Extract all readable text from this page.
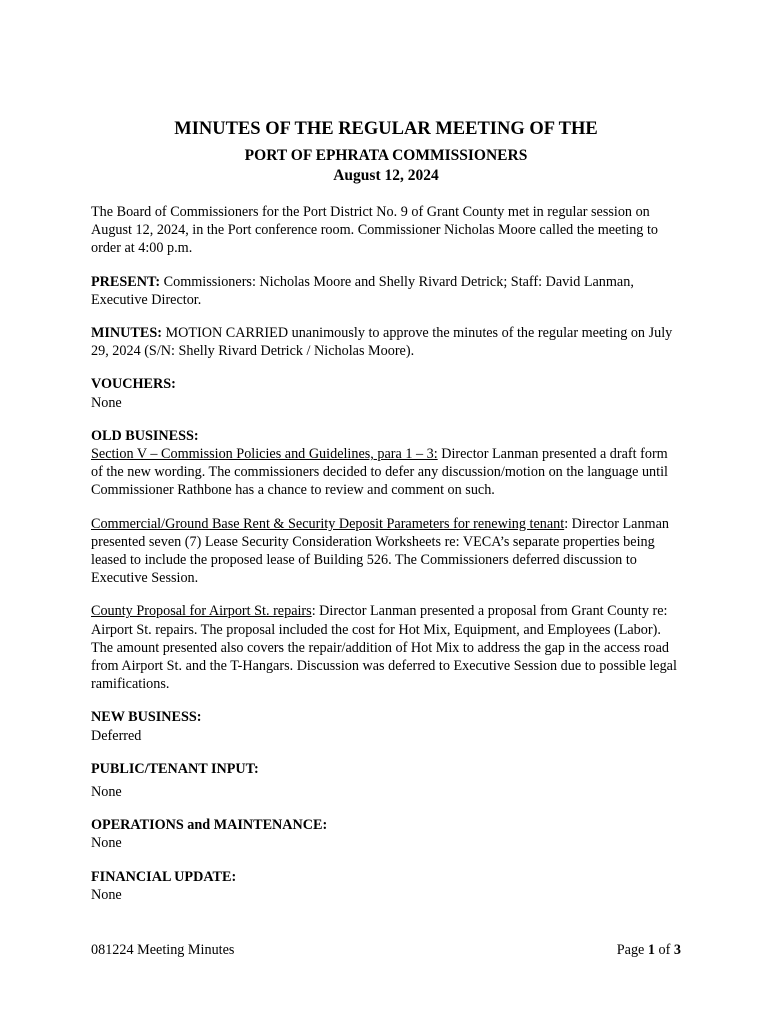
MINUTES OF THE REGULAR MEETING OF THE
PORT OF EPHRATA COMMISSIONERS
August 12, 2024

The Board of Commissioners for the Port District No. 9 of Grant County met in regular session on August 12, 2024, in the Port conference room. Commissioner Nicholas Moore called the meeting to order at 4:00 p.m.

PRESENT: Commissioners: Nicholas Moore and Shelly Rivard Detrick; Staff: David Lanman, Executive Director.

MINUTES: MOTION CARRIED unanimously to approve the minutes of the regular meeting on July 29, 2024 (S/N: Shelly Rivard Detrick / Nicholas Moore).

VOUCHERS:
None
OLD BUSINESS:

Section V – Commission Policies and Guidelines, para 1 – 3: Director Lanman presented a draft form of the new wording. The commissioners decided to defer any discussion/motion on the language until Commissioner Rathbone has a chance to review and comment on such.

Commercial/Ground Base Rent & Security Deposit Parameters for renewing tenant: Director Lanman presented seven (7) Lease Security Consideration Worksheets re: VECA’s separate properties being leased to include the proposed lease of Building 526. The Commissioners deferred discussion to Executive Session.

County Proposal for Airport St. repairs: Director Lanman presented a proposal from Grant County re: Airport St. repairs. The proposal included the cost for Hot Mix, Equipment, and Employees (Labor). The amount presented also covers the repair/addition of Hot Mix to address the gap in the access road from Airport St. and the T-Hangars. Discussion was deferred to Executive Session due to possible legal ramifications.

NEW BUSINESS:
Deferred
PUBLIC/TENANT INPUT:
None
OPERATIONS and MAINTENANCE:
None
FINANCIAL UPDATE:
None
081224 Meeting Minutes	Page 1 of 3
